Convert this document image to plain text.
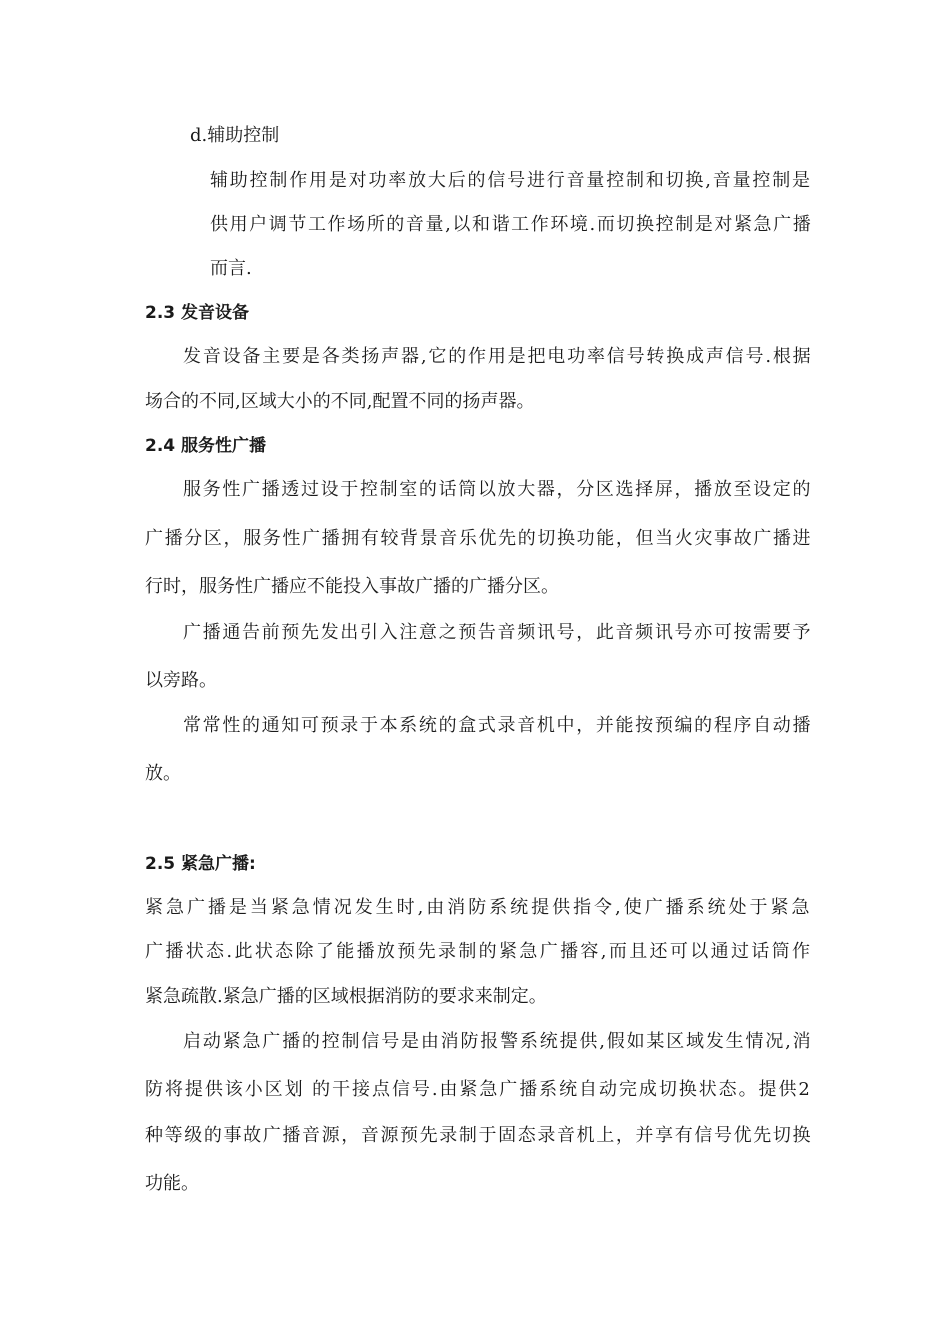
d.辅助控制
辅助控制作用是对功率放大后的信号进行音量控制和切换,音量控制是
供用户调节工作场所的音量,以和谐工作环境.而切换控制是对紧急广播
而言.
2.3 发音设备
发音设备主要是各类扬声器,它的作用是把电功率信号转换成声信号.根据
场合的不同,区域大小的不同,配置不同的扬声器。
2.4 服务性广播
服务性广播透过设于控制室的话筒以放大器，分区选择屏，播放至设定的
广播分区，服务性广播拥有较背景音乐优先的切换功能，但当火灾事故广播进
行时，服务性广播应不能投入事故广播的广播分区。
广播通告前预先发出引入注意之预告音频讯号，此音频讯号亦可按需要予
以旁路。
常常性的通知可预录于本系统的盒式录音机中，并能按预编的程序自动播
放。
2.5 紧急广播:
紧急广播是当紧急情况发生时,由消防系统提供指令,使广播系统处于紧急
广播状态.此状态除了能播放预先录制的紧急广播容,而且还可以通过话筒作
紧急疏散.紧急广播的区域根据消防的要求来制定。
启动紧急广播的控制信号是由消防报警系统提供,假如某区域发生情况,消
防将提供该小区划 的干接点信号.由紧急广播系统自动完成切换状态。提供2
种等级的事故广播音源，音源预先录制于固态录音机上，并享有信号优先切换
功能。
